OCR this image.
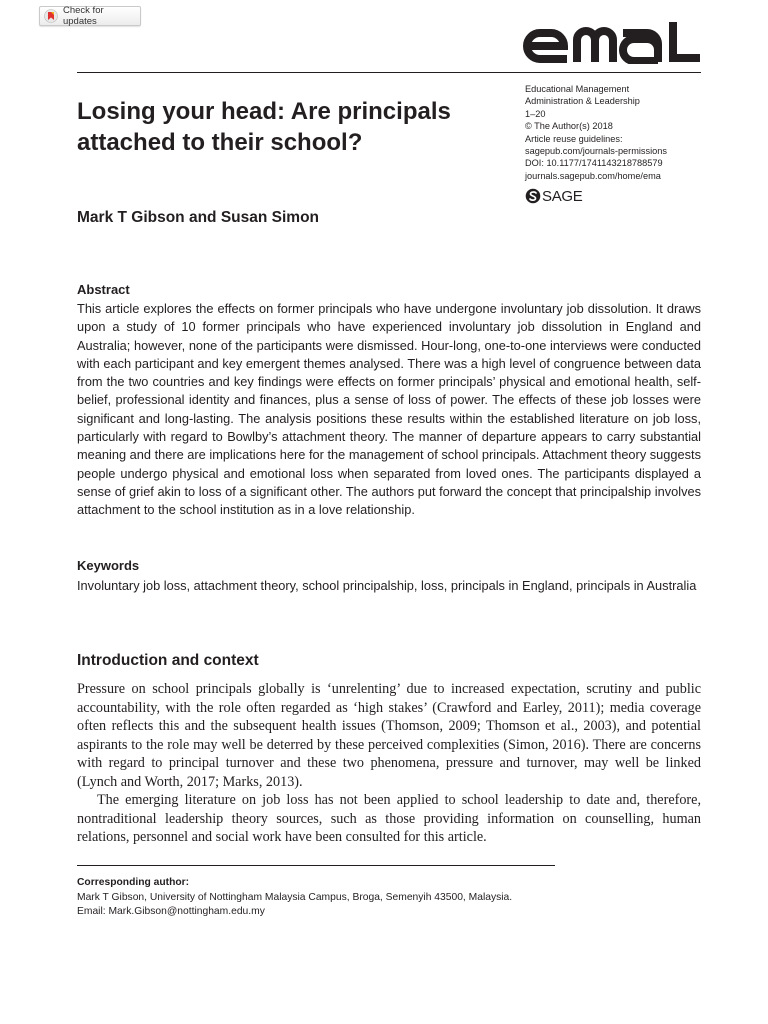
Check for updates
Educational Management
Administration & Leadership
1–20
© The Author(s) 2018
Article reuse guidelines:
sagepub.com/journals-permissions
DOI: 10.1177/1741143218788579
journals.sagepub.com/home/ema
SAGE
Losing your head: Are principals attached to their school?
Mark T Gibson and Susan Simon
Abstract

This article explores the effects on former principals who have undergone involuntary job dissolution. It draws upon a study of 10 former principals who have experienced involuntary job dissolution in England and Australia; however, none of the participants were dismissed. Hour-long, one-to-one interviews were conducted with each participant and key emergent themes analysed. There was a high level of congruence between data from the two countries and key findings were effects on former principals’ physical and emotional health, self-belief, professional identity and finances, plus a sense of loss of power. The effects of these job losses were significant and long-lasting. The analysis positions these results within the established literature on job loss, particularly with regard to Bowlby’s attachment theory. The manner of departure appears to carry substantial meaning and there are implications here for the management of school principals. Attachment theory suggests people undergo physical and emotional loss when separated from loved ones. The participants displayed a sense of grief akin to loss of a significant other. The authors put forward the concept that principalship involves attachment to the school institution as in a love relationship.

Keywords

Involuntary job loss, attachment theory, school principalship, loss, principals in England, principals in Australia

Introduction and context

Pressure on school principals globally is ‘unrelenting’ due to increased expectation, scrutiny and public accountability, with the role often regarded as ‘high stakes’ (Crawford and Earley, 2011); media coverage often reflects this and the subsequent health issues (Thomson, 2009; Thomson et al., 2003), and potential aspirants to the role may well be deterred by these perceived complexities (Simon, 2016). There are concerns with regard to principal turnover and these two phenomena, pressure and turnover, may well be linked (Lynch and Worth, 2017; Marks, 2013).

The emerging literature on job loss has not been applied to school leadership to date and, therefore, nontraditional leadership theory sources, such as those providing information on counselling, human relations, personnel and social work have been consulted for this article.

Corresponding author:
Mark T Gibson, University of Nottingham Malaysia Campus, Broga, Semenyih 43500, Malaysia.
Email: Mark.Gibson@nottingham.edu.my
